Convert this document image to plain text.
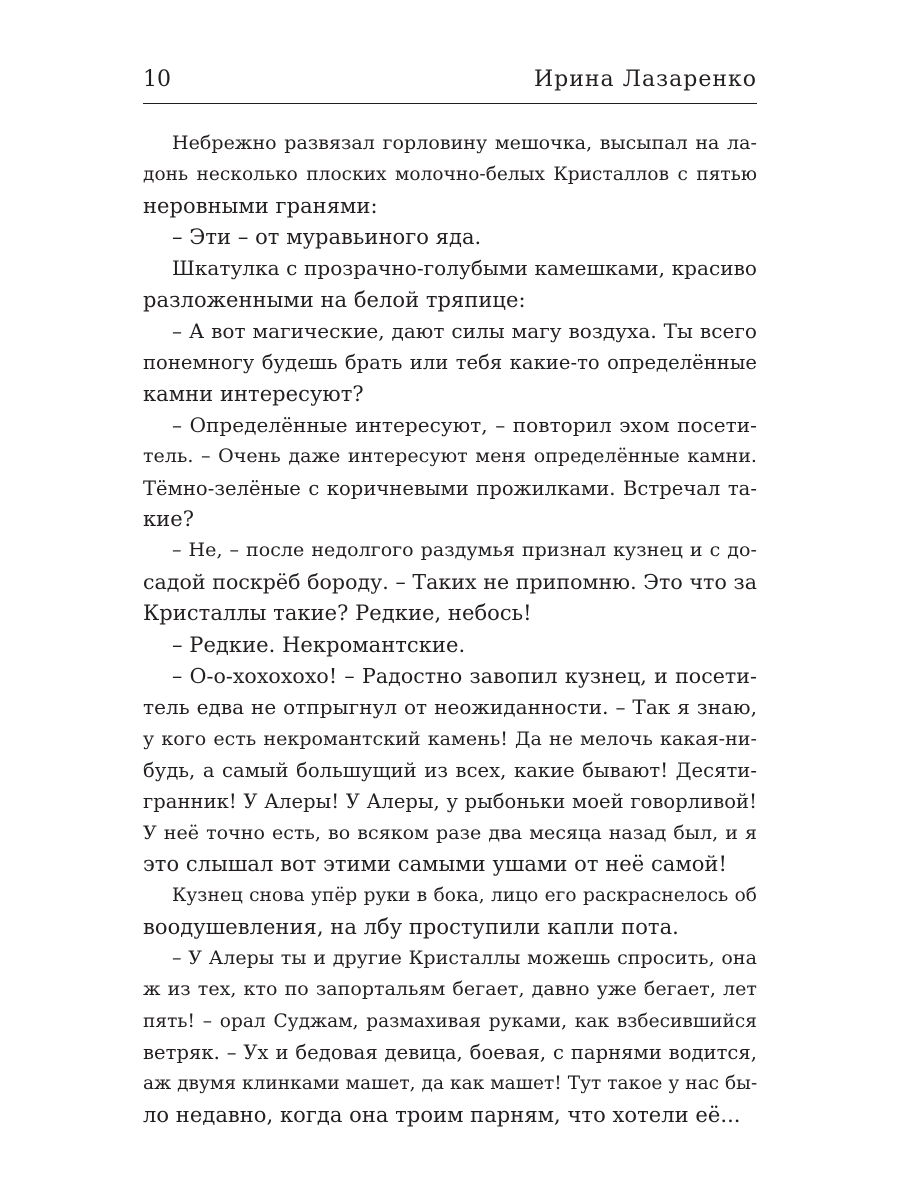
10	Ирина Лазаренко
Небрежно развязал горловину мешочка, высыпал на ла-
донь несколько плоских молочно-белых Кристаллов с пятью
неровными гранями:
– Эти – от муравьиного яда.
Шкатулка с прозрачно-голубыми камешками, красиво
разложенными на белой тряпице:
– А вот магические, дают силы магу воздуха. Ты всего
понемногу будешь брать или тебя какие-то определённые
камни интересуют?
– Определённые интересуют, – повторил эхом посети-
тель. – Очень даже интересуют меня определённые камни.
Тёмно-зелёные с коричневыми прожилками. Встречал та-
кие?
– Не, – после недолгого раздумья признал кузнец и с до-
садой поскрёб бороду. – Таких не припомню. Это что за
Кристаллы такие? Редкие, небось!
– Редкие. Некромантские.
– О-о-хохохохо! – Радостно завопил кузнец, и посети-
тель едва не отпрыгнул от неожиданности. – Так я знаю,
у кого есть некромантский камень! Да не мелочь какая-ни-
будь, а самый большущий из всех, какие бывают! Десяти-
гранник! У Алеры! У Алеры, у рыбоньки моей говорливой!
У неё точно есть, во всяком разе два месяца назад был, и я
это слышал вот этими самыми ушами от неё самой!
Кузнец снова упёр руки в бока, лицо его раскраснелось об
воодушевления, на лбу проступили капли пота.
– У Алеры ты и другие Кристаллы можешь спросить, она
ж из тех, кто по запортальям бегает, давно уже бегает, лет
пять! – орал Суджам, размахивая руками, как взбесившийся
ветряк. – Ух и бедовая девица, боевая, с парнями водится,
аж двумя клинками машет, да как машет! Тут такое у нас бы-
ло недавно, когда она троим парням, что хотели её...
